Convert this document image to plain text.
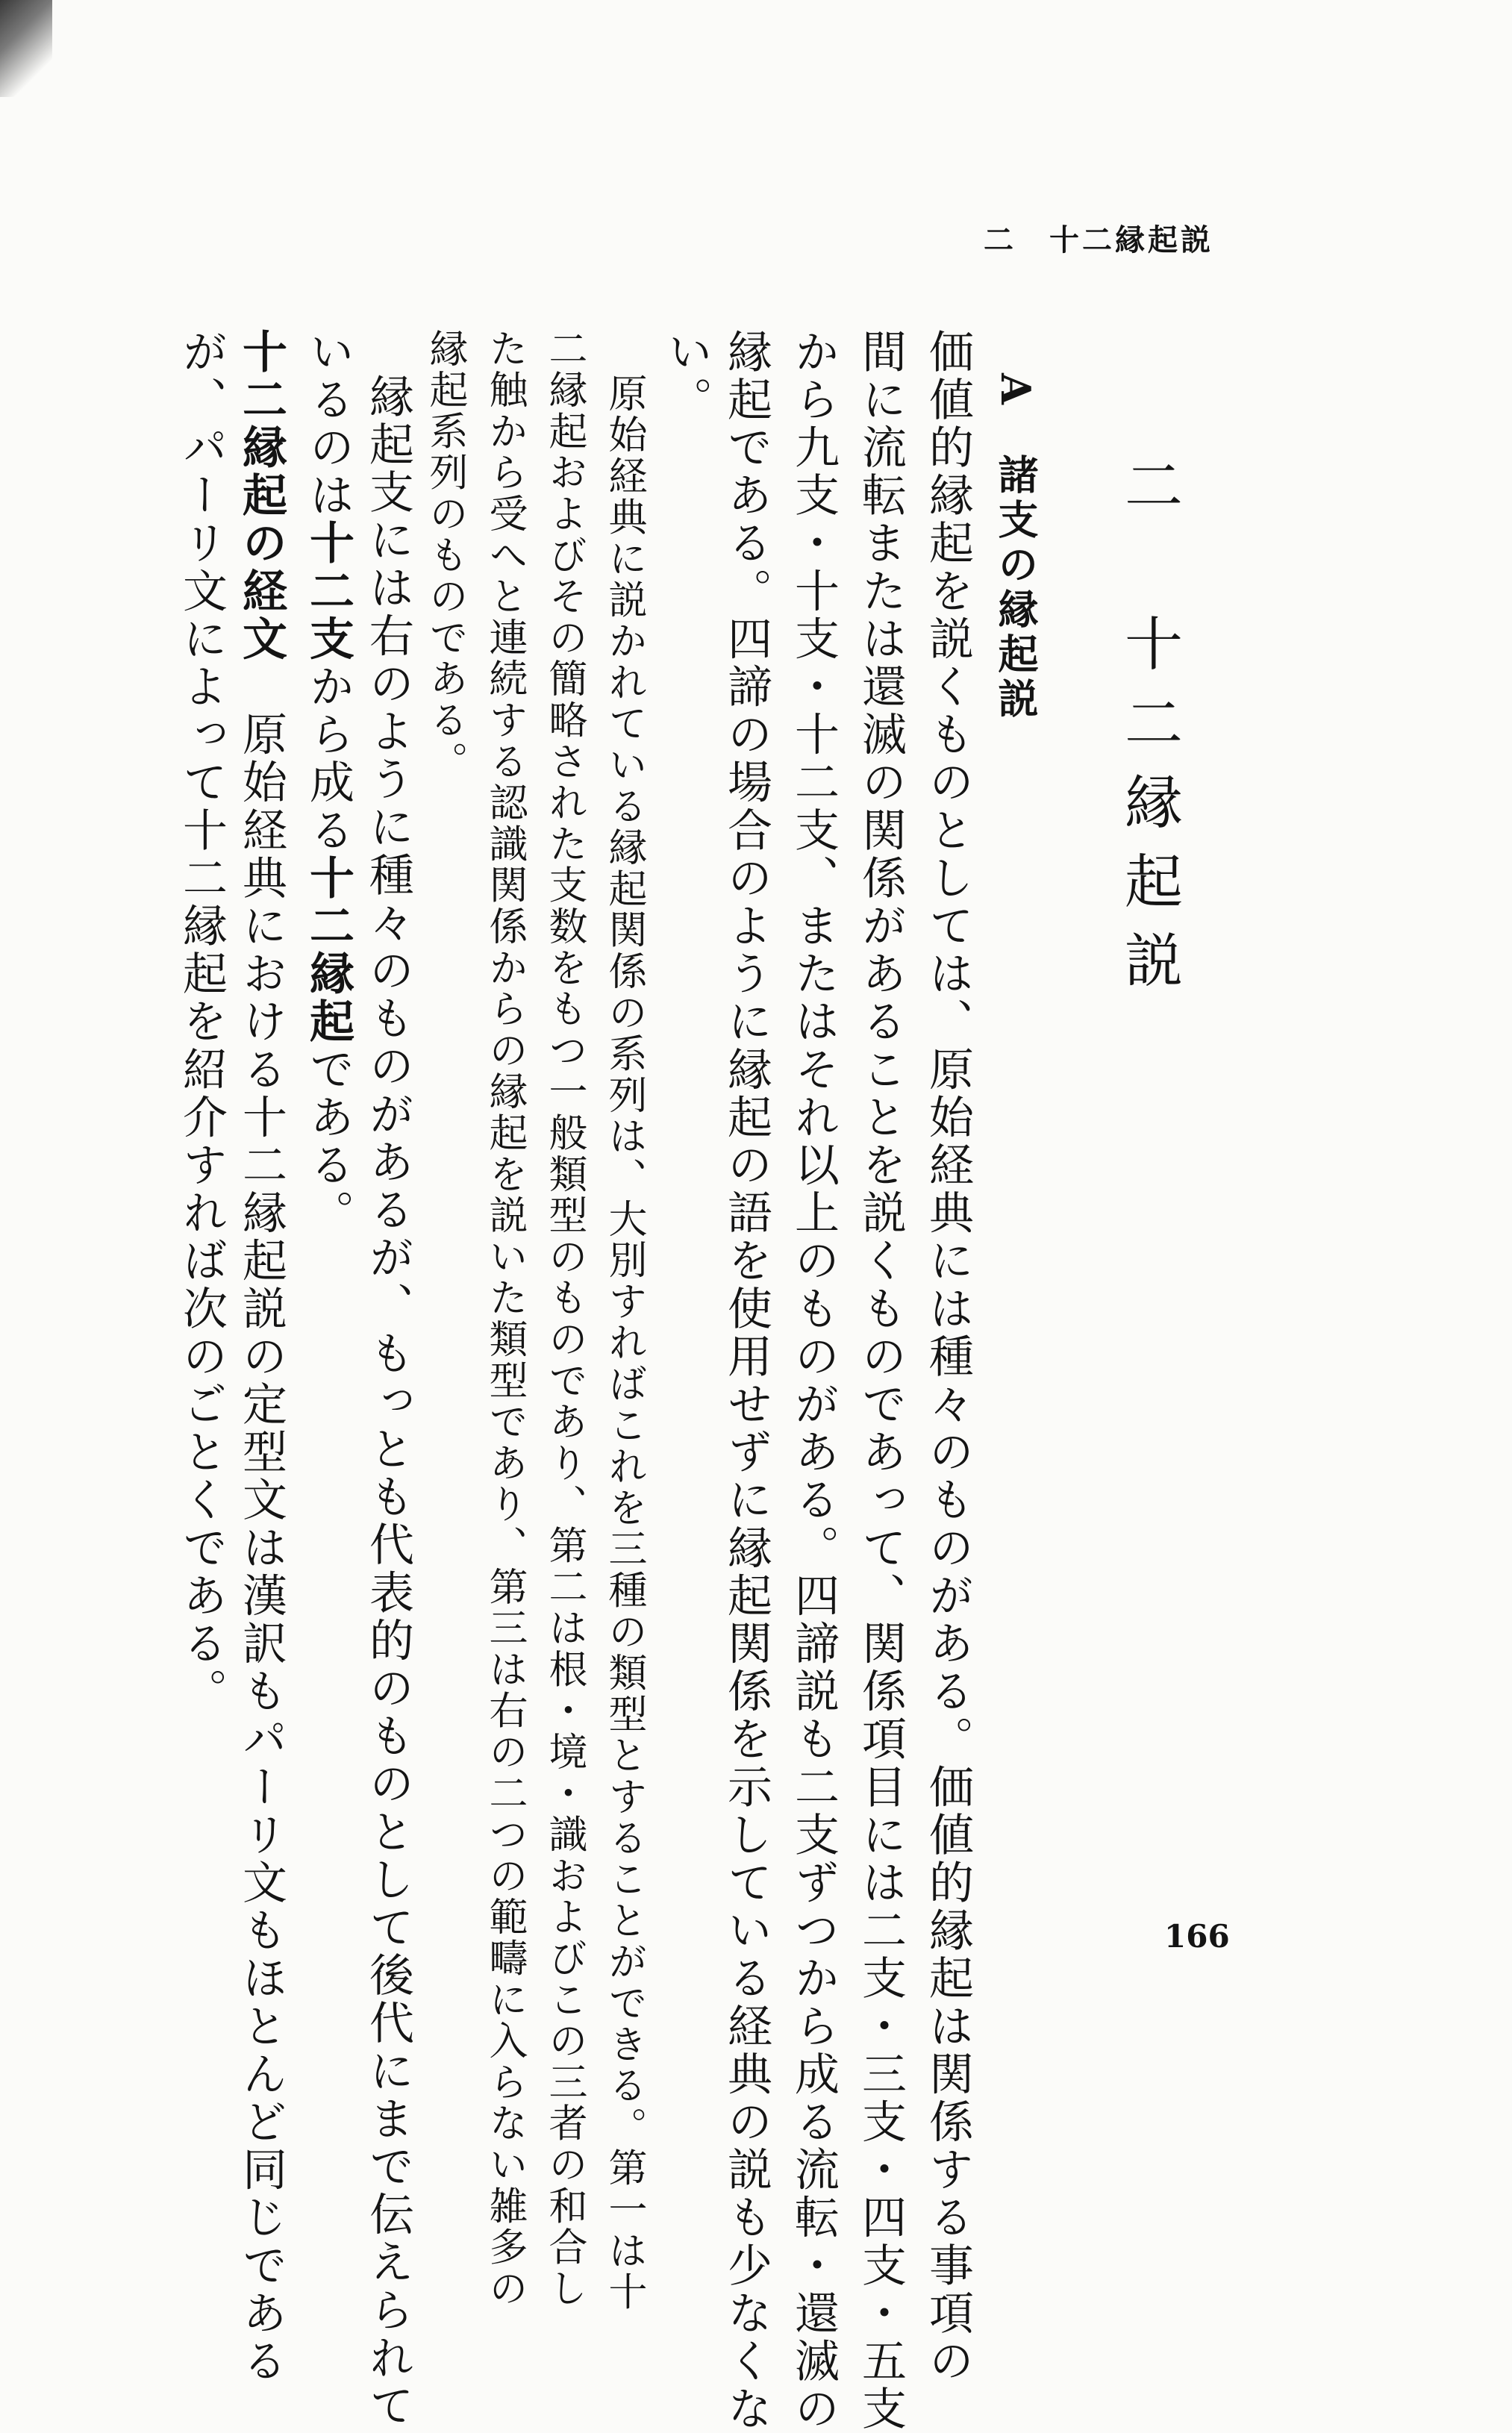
二　十二縁起説
二　十二縁起説
A　諸支の縁起説
価値的縁起を説くものとしては、原始経典には種々のものがある。価値的縁起は関係する事項の
間に流転または還滅の関係があることを説くものであって、関係項目には二支・三支・四支・五支
から九支・十支・十二支、またはそれ以上のものがある。四諦説も二支ずつから成る流転・還滅の
縁起である。四諦の場合のように縁起の語を使用せずに縁起関係を示している経典の説も少なくな
い。
原始経典に説かれている縁起関係の系列は、大別すればこれを三種の類型とすることができる。第一は十
二縁起およびその簡略された支数をもつ一般類型のものであり、第二は根・境・識およびこの三者の和合し
た触から受へと連続する認識関係からの縁起を説いた類型であり、第三は右の二つの範疇に入らない雑多の
縁起系列のものである。
縁起支には右のように種々のものがあるが、もっとも代表的のものとして後代にまで伝えられて
いるのは十二支から成る十二縁起である。
十二縁起の経文　原始経典における十二縁起説の定型文は漢訳もパーリ文もほとんど同じである
が、パーリ文によって十二縁起を紹介すれば次のごとくである。
166
